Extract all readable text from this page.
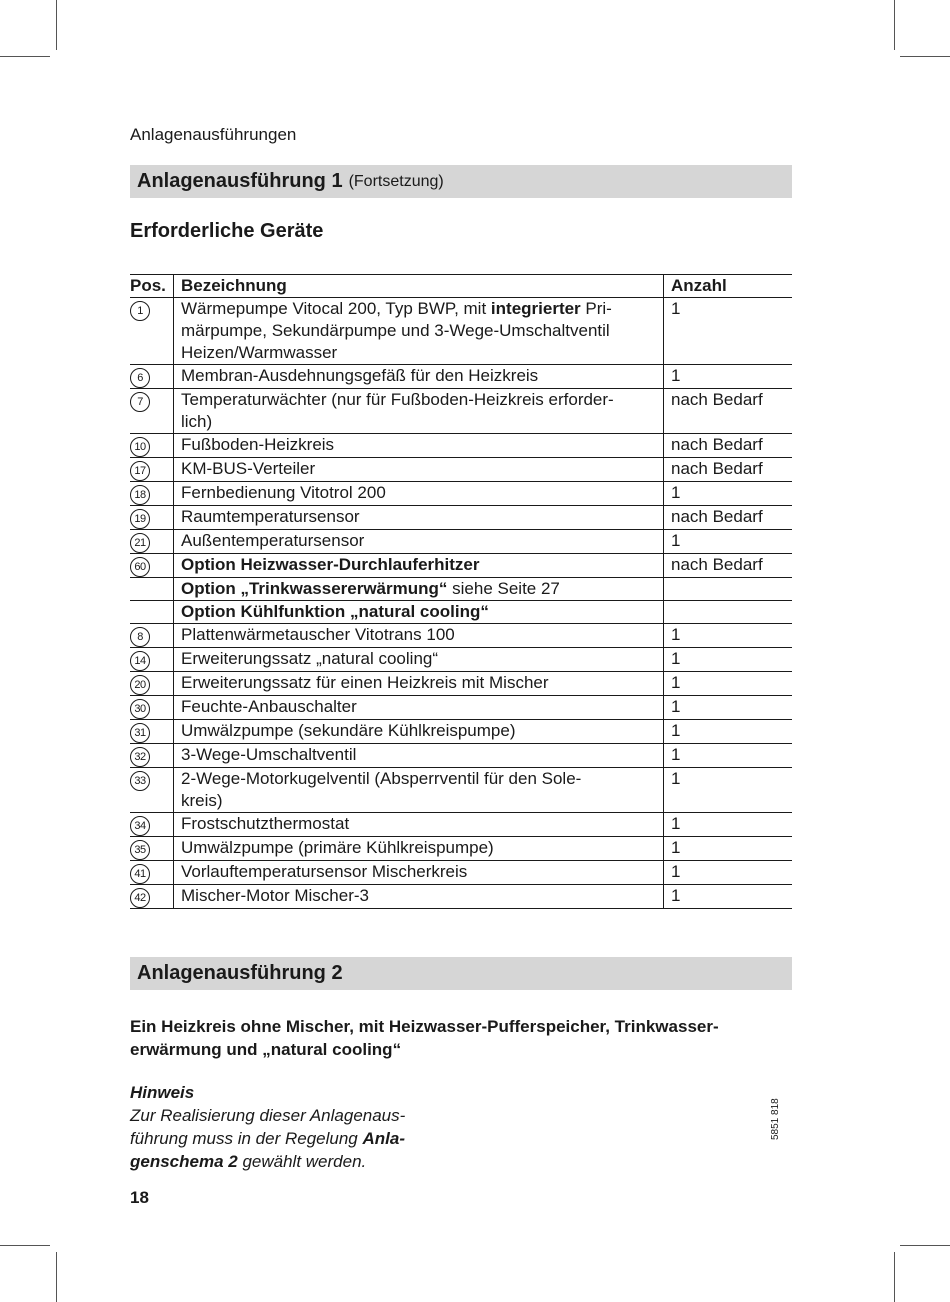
Anlagenausführungen
Anlagenausführung 1 (Fortsetzung)
Erforderliche Geräte
Pos.	Bezeichnung	Anzahl
1	Wärmepumpe Vitocal 200, Typ BWP, mit integrierter Pri-
märpumpe, Sekundärpumpe und 3-Wege-Umschaltventil
Heizen/Warmwasser	1
6	Membran-Ausdehnungsgefäß für den Heizkreis	1
7	Temperaturwächter (nur für Fußboden-Heizkreis erforder-
lich)	nach Bedarf
10	Fußboden-Heizkreis	nach Bedarf
17	KM-BUS-Verteiler	nach Bedarf
18	Fernbedienung Vitotrol 200	1
19	Raumtemperatursensor	nach Bedarf
21	Außentemperatursensor	1
60	Option Heizwasser-Durchlauferhitzer	nach Bedarf
	Option „Trinkwassererwärmung“ siehe Seite 27	
	Option Kühlfunktion „natural cooling“	
8	Plattenwärmetauscher Vitotrans 100	1
14	Erweiterungssatz „natural cooling“	1
20	Erweiterungssatz für einen Heizkreis mit Mischer	1
30	Feuchte-Anbauschalter	1
31	Umwälzpumpe (sekundäre Kühlkreispumpe)	1
32	3-Wege-Umschaltventil	1
33	2-Wege-Motorkugelventil (Absperrventil für den Sole-
kreis)	1
34	Frostschutzthermostat	1
35	Umwälzpumpe (primäre Kühlkreispumpe)	1
41	Vorlauftemperatursensor Mischerkreis	1
42	Mischer-Motor Mischer-3	1
Anlagenausführung 2
Ein Heizkreis ohne Mischer, mit Heizwasser-Pufferspeicher, Trinkwasser-
erwärmung und „natural cooling“
Hinweis
Zur Realisierung dieser Anlagenaus-
führung muss in der Regelung Anla-
genschema 2 gewählt werden.
18
5851 818
